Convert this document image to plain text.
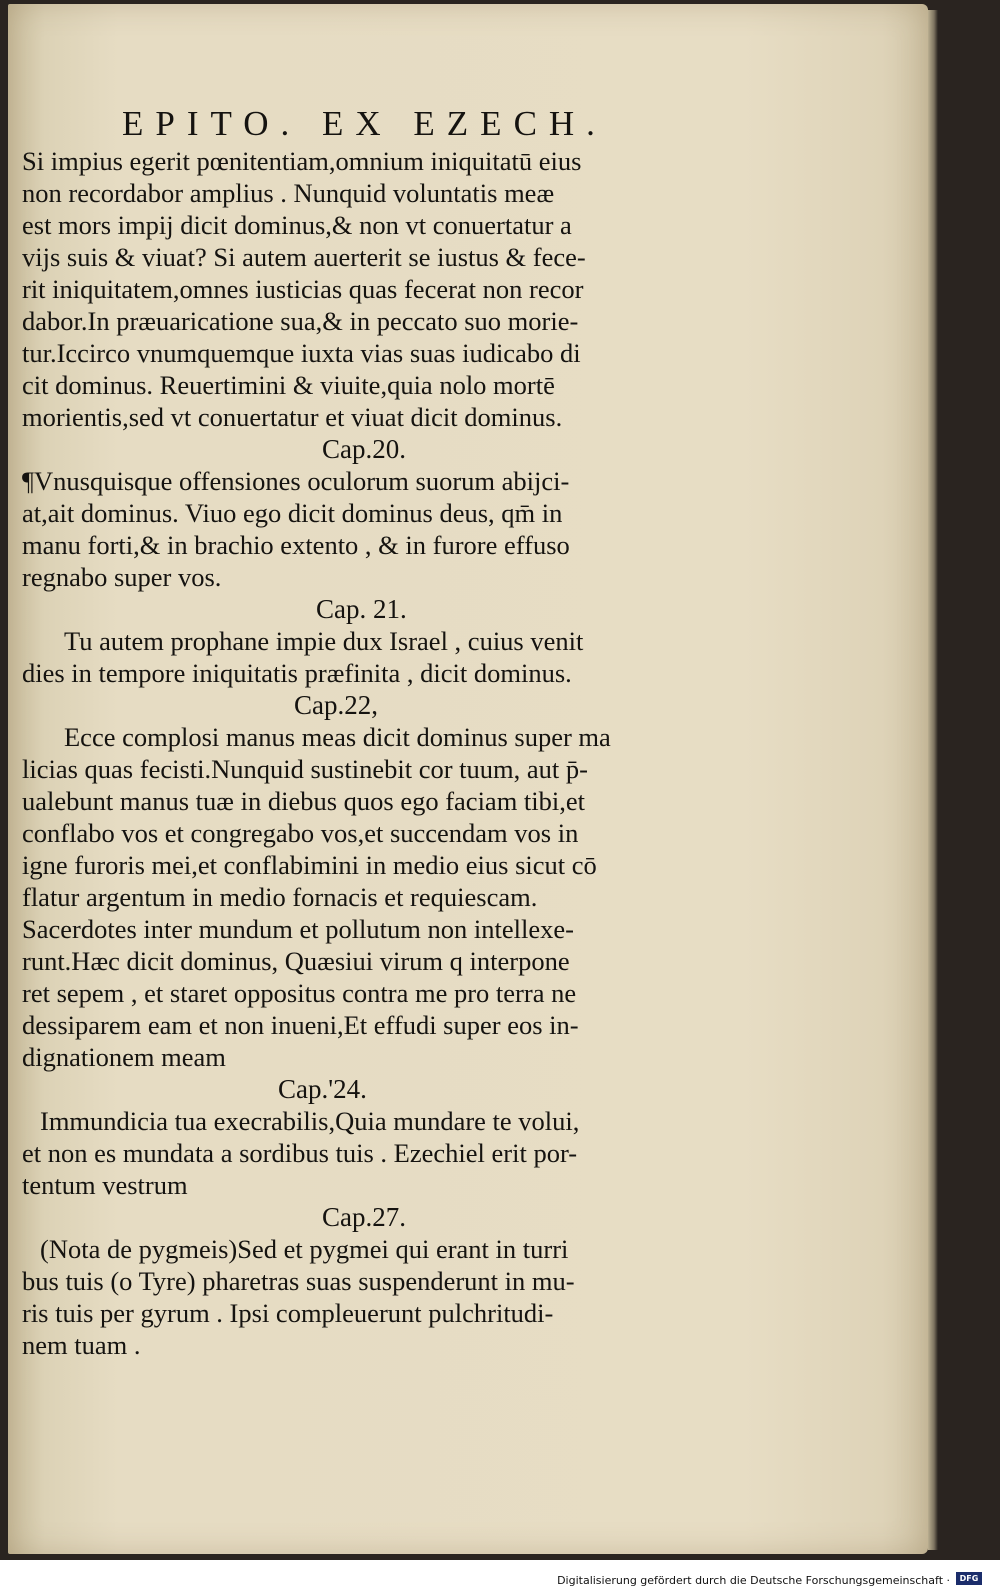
EPITO. EX EZECH.
Si impius egerit pœnitentiam,omnium iniquitatū eius
non recordabor amplius . Nunquid voluntatis meæ
est mors impij dicit dominus,& non vt conuertatur a
vijs suis & viuat? Si autem auerterit se iustus & fece-
rit iniquitatem,omnes iusticias quas fecerat non recor
dabor.In præuaricatione sua,& in peccato suo morie-
tur.Iccirco vnumquemque iuxta vias suas iudicabo di
cit dominus. Reuertimini & viuite,quia nolo mortē
morientis,sed vt conuertatur et viuat dicit dominus.
Cap.20.
¶Vnusquisque offensiones oculorum suorum abijci-
at,ait dominus. Viuo ego dicit dominus deus, qm̄ in
manu forti,& in brachio extento , & in furore effuso
regnabo super vos.
Cap. 21.
Tu autem prophane impie dux Israel , cuius venit
dies in tempore iniquitatis præfinita , dicit dominus.
Cap.22,
Ecce complosi manus meas dicit dominus super ma
licias quas fecisti.Nunquid sustinebit cor tuum, aut p̄-
ualebunt manus tuæ in diebus quos ego faciam tibi,et
conflabo vos et congregabo vos,et succendam vos in
igne furoris mei,et conflabimini in medio eius sicut cō
flatur argentum in medio fornacis et requiescam.
Sacerdotes inter mundum et pollutum non intellexe-
runt.Hæc dicit dominus, Quæsiui virum q interpone
ret sepem , et staret oppositus contra me pro terra ne
dessiparem eam et non inueni,Et effudi super eos in-
dignationem meam
Cap.'24.
Immundicia tua execrabilis,Quia mundare te volui,
et non es mundata a sordibus tuis . Ezechiel erit por-
tentum vestrum
Cap.27.
(Nota de pygmeis)Sed et pygmei qui erant in turri
bus tuis (o Tyre) pharetras suas suspenderunt in mu-
ris tuis per gyrum . Ipsi compleuerunt pulchritudi-
nem tuam .
Digitalisierung gefördert durch die Deutsche Forschungsgemeinschaft ·	DFG
